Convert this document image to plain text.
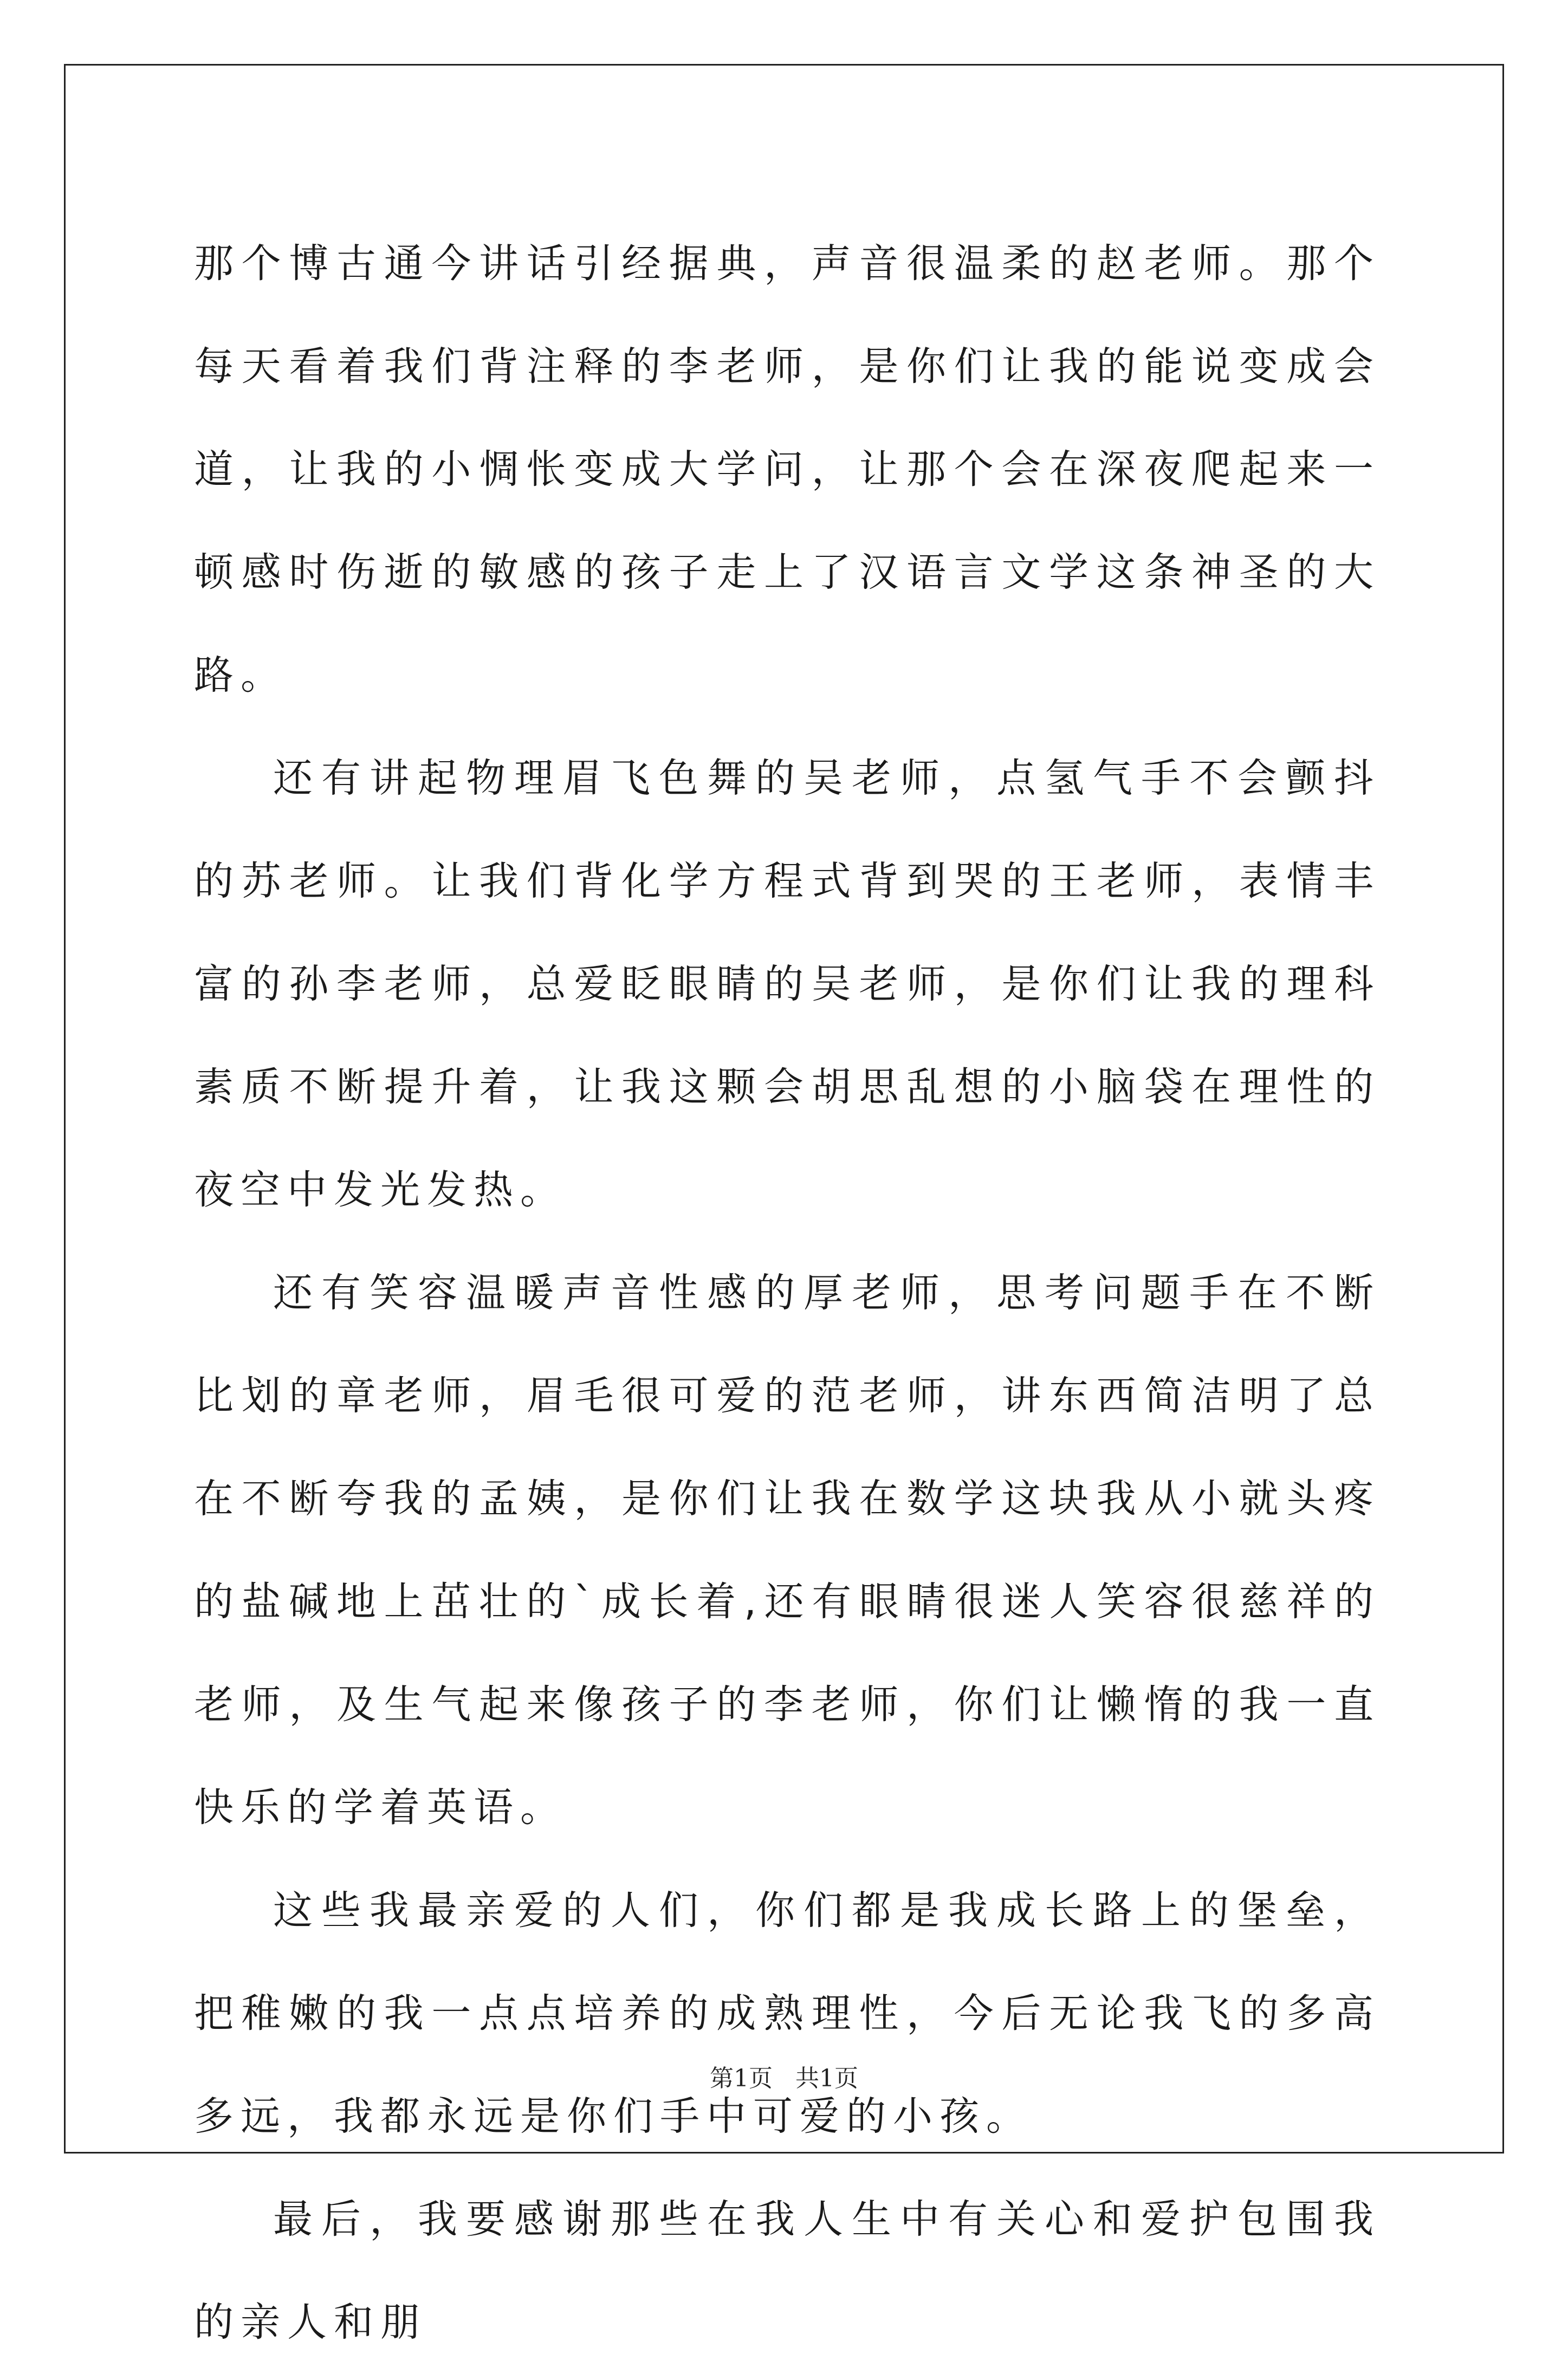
那个博古通今讲话引经据典，声音很温柔的赵老师。那个每天看着我们背注释的李老师，是你们让我的能说变成会道，让我的小惆怅变成大学问，让那个会在深夜爬起来一顿感时伤逝的敏感的孩子走上了汉语言文学这条神圣的大路。

还有讲起物理眉飞色舞的吴老师，点氢气手不会颤抖的苏老师。让我们背化学方程式背到哭的王老师，表情丰富的孙李老师，总爱眨眼睛的吴老师，是你们让我的理科素质不断提升着，让我这颗会胡思乱想的小脑袋在理性的夜空中发光发热。

还有笑容温暖声音性感的厚老师，思考问题手在不断比划的章老师，眉毛很可爱的范老师，讲东西简洁明了总在不断夸我的孟姨，是你们让我在数学这块我从小就头疼的盐碱地上茁壮的`成长着,还有眼睛很迷人笑容很慈祥的老师，及生气起来像孩子的李老师，你们让懒惰的我一直快乐的学着英语。

这些我最亲爱的人们，你们都是我成长路上的堡垒，把稚嫩的我一点点培养的成熟理性，今后无论我飞的多高多远，我都永远是你们手中可爱的小孩。

最后，我要感谢那些在我人生中有关心和爱护包围我的亲人和朋

第1页   共1页
